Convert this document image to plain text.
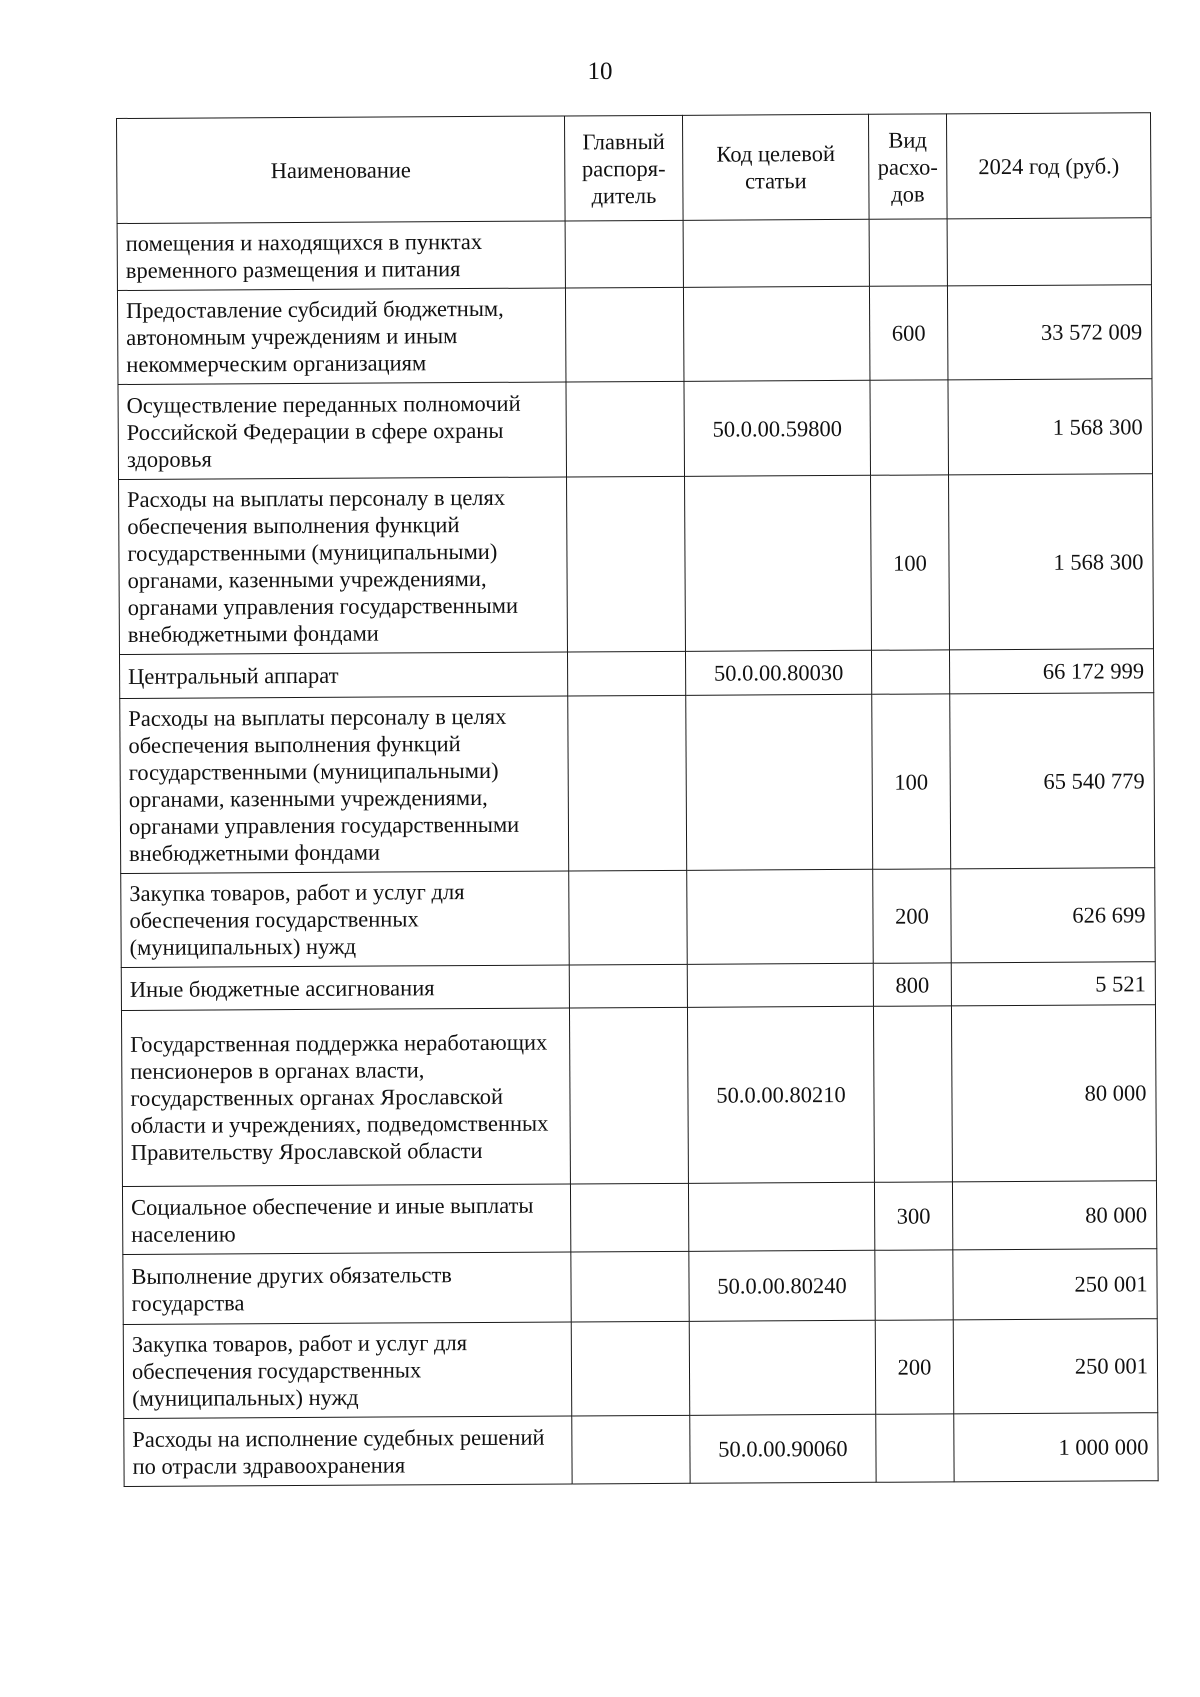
10
Наименование	Главный распоря-дитель	Код целевой статьи	Вид расхо-дов	2024 год (руб.)
помещения и находящихся в пунктах временного размещения и питания				
Предоставление субсидий бюджетным, автономным учреждениям и иным некоммерческим организациям			600	33 572 009
Осуществление переданных полномочий Российской Федерации в сфере охраны здоровья		50.0.00.59800		1 568 300
Расходы на выплаты персоналу в целях обеспечения выполнения функций государственными (муниципальными) органами, казенными учреждениями, органами управления государственными внебюджетными фондами			100	1 568 300
Центральный аппарат		50.0.00.80030		66 172 999
Расходы на выплаты персоналу в целях обеспечения выполнения функций государственными (муниципальными) органами, казенными учреждениями, органами управления государственными внебюджетными фондами			100	65 540 779
Закупка товаров, работ и услуг для обеспечения государственных (муниципальных) нужд			200	626 699
Иные бюджетные ассигнования			800	5 521
Государственная поддержка неработающих пенсионеров в органах власти, государственных органах Ярославской области и учреждениях, подведомственных Правительству Ярославской области		50.0.00.80210		80 000
Социальное обеспечение и иные выплаты населению			300	80 000
Выполнение других обязательств государства		50.0.00.80240		250 001
Закупка товаров, работ и услуг для обеспечения государственных (муниципальных) нужд			200	250 001
Расходы на исполнение судебных решений по отрасли здравоохранения		50.0.00.90060		1 000 000
